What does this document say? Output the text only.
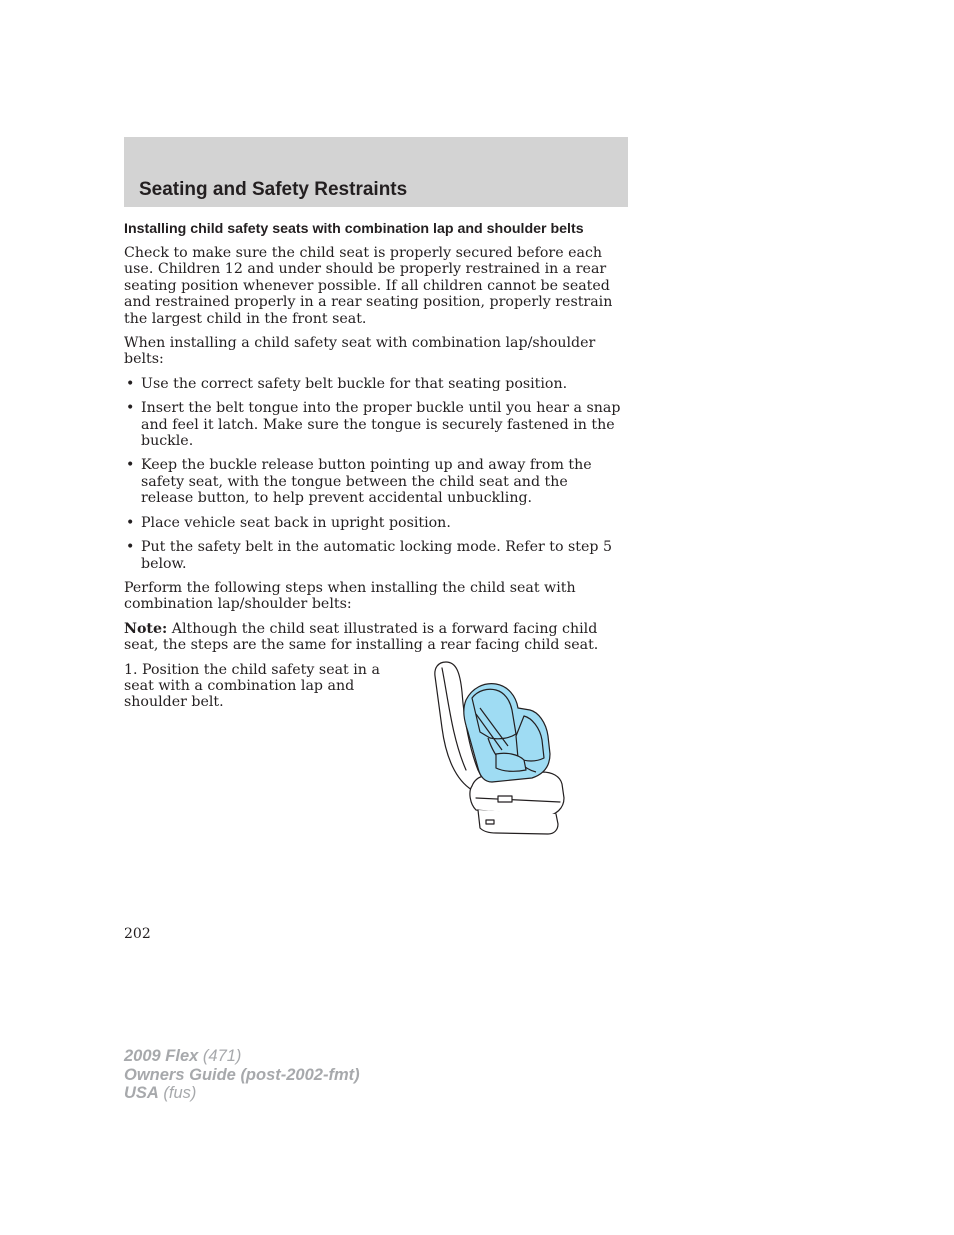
Seating and Safety Restraints
Installing child safety seats with combination lap and shoulder belts

Check to make sure the child seat is properly secured before each use. Children 12 and under should be properly restrained in a rear seating position whenever possible. If all children cannot be seated and restrained properly in a rear seating position, properly restrain the largest child in the front seat.

When installing a child safety seat with combination lap/shoulder belts:

• Use the correct safety belt buckle for that seating position.
• Insert the belt tongue into the proper buckle until you hear a snap and feel it latch. Make sure the tongue is securely fastened in the buckle.
• Keep the buckle release button pointing up and away from the safety seat, with the tongue between the child seat and the release button, to help prevent accidental unbuckling.
• Place vehicle seat back in upright position.
• Put the safety belt in the automatic locking mode. Refer to step 5 below.

Perform the following steps when installing the child seat with combination lap/shoulder belts:

Note: Although the child seat illustrated is a forward facing child seat, the steps are the same for installing a rear facing child seat.

1. Position the child safety seat in a seat with a combination lap and shoulder belt.
202
2009 Flex (471)
Owners Guide (post-2002-fmt)
USA (fus)
